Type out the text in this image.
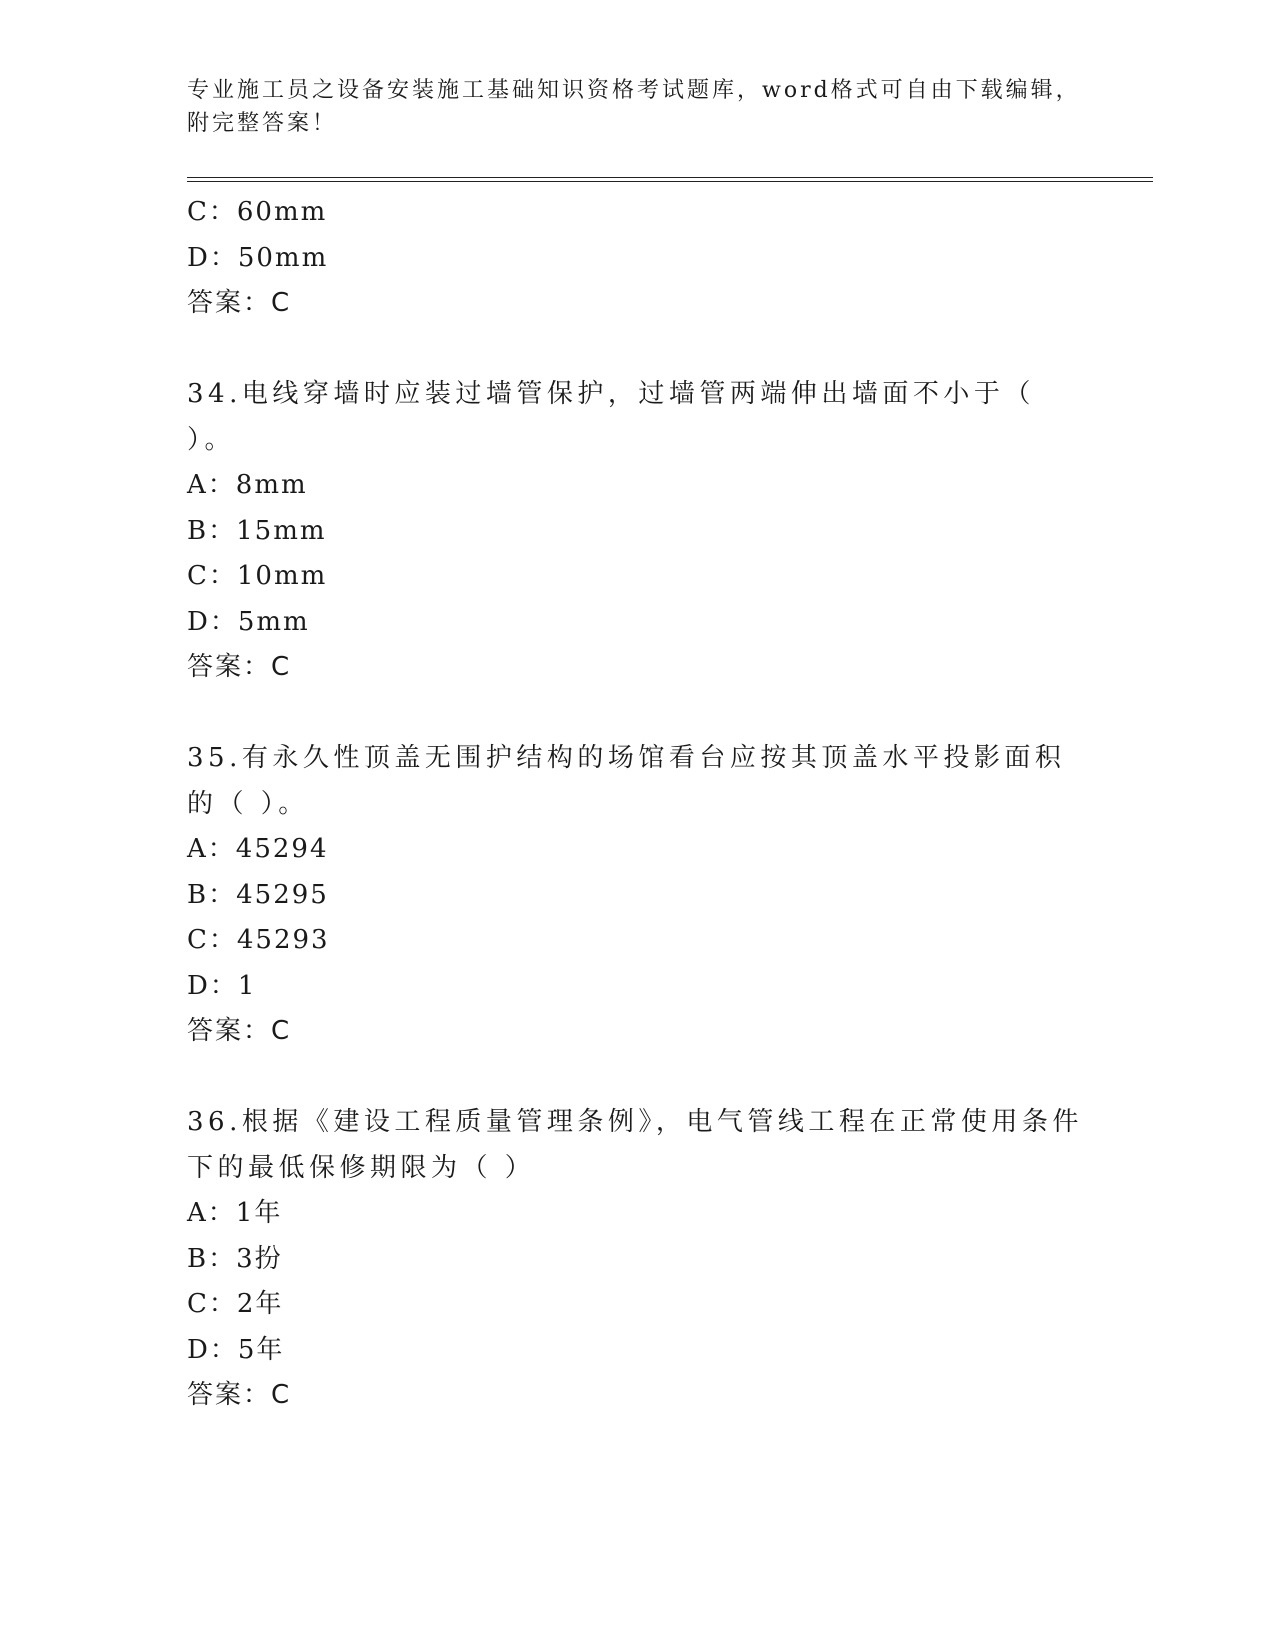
专业施工员之设备安装施工基础知识资格考试题库，word格式可自由下载编辑，附完整答案！
C：60mm
D：50mm
答案：C
34.电线穿墙时应装过墙管保护，过墙管两端伸出墙面不小于（ ）。
A：8mm
B：15mm
C：10mm
D：5mm
答案：C
35.有永久性顶盖无围护结构的场馆看台应按其顶盖水平投影面积的（ ）。
A：45294
B：45295
C：45293
D：1
答案：C
36.根据《建设工程质量管理条例》，电气管线工程在正常使用条件下的最低保修期限为（ ）
A：1年
B：3扮
C：2年
D：5年
答案：C
